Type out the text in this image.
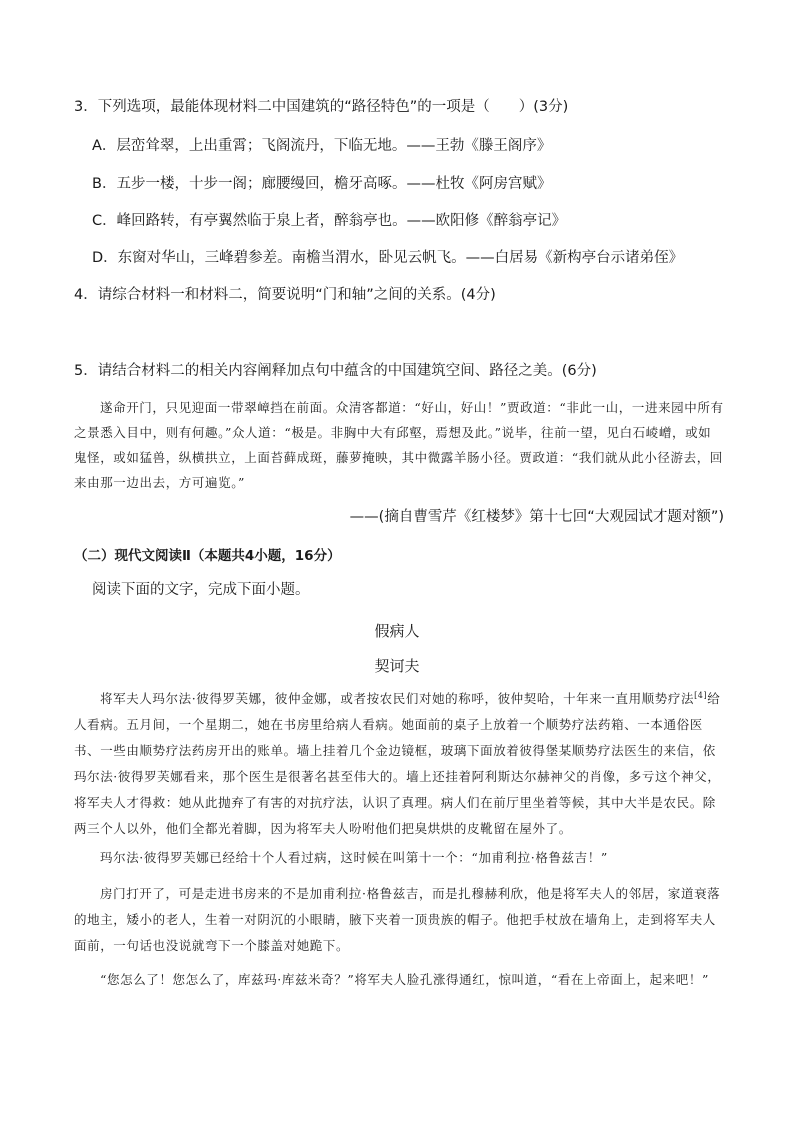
3．下列选项，最能体现材料二中国建筑的“路径特色”的一项是（　　）(3分)
A．层峦耸翠，上出重霄；飞阁流丹，下临无地。——王勃《滕王阁序》
B．五步一楼，十步一阁；廊腰缦回，檐牙高啄。——杜牧《阿房宫赋》
C．峰回路转，有亭翼然临于泉上者，醉翁亭也。——欧阳修《醉翁亭记》
D．东窗对华山，三峰碧参差。南檐当渭水，卧见云帆飞。——白居易《新构亭台示诸弟侄》
4．请综合材料一和材料二，简要说明“门和轴”之间的关系。(4分)
5．请结合材料二的相关内容阐释加点句中蕴含的中国建筑空间、路径之美。(6分)
遂命开门，只见迎面一带翠嶂挡在前面。众清客都道：“好山，好山！”贾政道：“非此一山，一进来园中所有之景悉入目中，则有何趣。”众人道：“极是。非胸中大有邱壑，焉想及此。”说毕，往前一望，见白石崚嶒，或如鬼怪，或如猛兽，纵横拱立，上面苔藓成斑，藤萝掩映，其中微露羊肠小径。贾政道：“我们就从此小径游去，回来由那一边出去，方可遍览。”
——(摘自曹雪芹《红楼梦》第十七回“大观园试才题对额”)
（二）现代文阅读Ⅱ（本题共4小题，16分）
阅读下面的文字，完成下面小题。
假病人
契诃夫
将军夫人玛尔法·彼得罗芙娜，彼仲金娜，或者按农民们对她的称呼，彼仲契哈，十年来一直用顺势疗法[4]给人看病。五月间，一个星期二，她在书房里给病人看病。她面前的桌子上放着一个顺势疗法药箱、一本通俗医书、一些由顺势疗法药房开出的账单。墙上挂着几个金边镜框，玻璃下面放着彼得堡某顺势疗法医生的来信，依玛尔法·彼得罗芙娜看来，那个医生是很著名甚至伟大的。墙上还挂着阿利斯达尔赫神父的肖像，多亏这个神父，将军夫人才得救：她从此抛弃了有害的对抗疗法，认识了真理。病人们在前厅里坐着等候，其中大半是农民。除两三个人以外，他们全都光着脚，因为将军夫人吩咐他们把臭烘烘的皮靴留在屋外了。
玛尔法·彼得罗芙娜已经给十个人看过病，这时候在叫第十一个：“加甫利拉·格鲁兹吉！”
房门打开了，可是走进书房来的不是加甫利拉·格鲁兹吉，而是扎穆赫利欣，他是将军夫人的邻居，家道衰落的地主，矮小的老人，生着一对阴沉的小眼睛，腋下夹着一顶贵族的帽子。他把手杖放在墙角上，走到将军夫人面前，一句话也没说就弯下一个膝盖对她跪下。
“您怎么了！您怎么了，库兹玛·库兹米奇？”将军夫人脸孔涨得通红，惊叫道，“看在上帝面上，起来吧！”
